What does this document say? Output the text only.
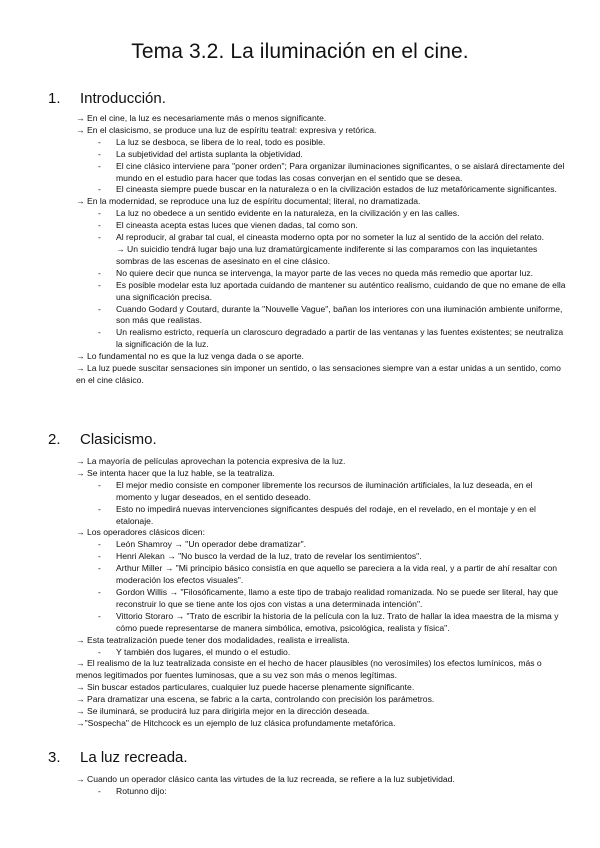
Tema 3.2. La iluminación en el cine.
1. Introducción.

→ En el cine, la luz es necesariamente más o menos significante.

→ En el clasicismo, se produce una luz de espíritu teatral: expresiva y retórica.

- La luz se desboca, se libera de lo real, todo es posible.

- La subjetividad del artista suplanta la objetividad.

- El cine clásico interviene para "poner orden"; Para organizar iluminaciones significantes, o se aislará directamente del mundo en el estudio para hacer que todas las cosas converjan en el sentido que se desea.

- El cineasta siempre puede buscar en la naturaleza o en la civilización estados de luz metafóricamente significantes.

→ En la modernidad, se reproduce una luz de espíritu documental; literal, no dramatizada.

- La luz no obedece a un sentido evidente en la naturaleza, en la civilización y en las calles.

- El cineasta acepta estas luces que vienen dadas, tal como son.

- Al reproducir, al grabar tal cual, el cineasta moderno opta por no someter la luz al sentido de la acción del relato.

→ Un suicidio tendrá lugar bajo una luz dramatúrgicamente indiferente si las comparamos con las inquietantes sombras de las escenas de asesinato en el cine clásico.

- No quiere decir que nunca se intervenga, la mayor parte de las veces no queda más remedio que aportar luz.

- Es posible modelar esta luz aportada cuidando de mantener su auténtico realismo, cuidando de que no emane de ella una significación precisa.

- Cuando Godard y Coutard, durante la "Nouvelle Vague", bañan los interiores con una iluminación ambiente uniforme, son más que realistas.

- Un realismo estricto, requería un claroscuro degradado a partir de las ventanas y las fuentes existentes; se neutraliza la significación de la luz.

→ Lo fundamental no es que la luz venga dada o se aporte.

→ La luz puede suscitar sensaciones sin imponer un sentido, o las sensaciones siempre van a estar unidas a un sentido, como en el cine clásico.

2. Clasicismo.

→ La mayoría de películas aprovechan la potencia expresiva de la luz.

→ Se intenta hacer que la luz hable, se la teatraliza.

- El mejor medio consiste en componer libremente los recursos de iluminación artificiales, la luz deseada, en el momento y lugar deseados, en el sentido deseado.

- Esto no impedirá nuevas intervenciones significantes después del rodaje, en el revelado, en el montaje y en el etalonaje.

→ Los operadores clásicos dicen:

- León Shamroy → "Un operador debe dramatizar".

- Henri Alekan → "No busco la verdad de la luz, trato de revelar los sentimientos".

- Arthur Miller → "Mi principio básico consistía en que aquello se pareciera a la vida real, y a partir de ahí resaltar con moderación los efectos visuales".

- Gordon Willis → "Filosóficamente, llamo a este tipo de trabajo realidad romanizada. No se puede ser literal, hay que reconstruir lo que se tiene ante los ojos con vistas a una determinada intención".

- Vittorio Storaro → "Trato de escribir la historia de la película con la luz. Trato de hallar la idea maestra de la misma y cómo puede representarse de manera simbólica, emotiva, psicológica, realista y física".

→ Esta teatralización puede tener dos modalidades, realista e irrealista.

- Y también dos lugares, el mundo o el estudio.

→ El realismo de la luz teatralizada consiste en el hecho de hacer plausibles (no verosímiles) los efectos lumínicos, más o menos legitimados por fuentes luminosas, que a su vez son más o menos legítimas.

→ Sin buscar estados particulares, cualquier luz puede hacerse plenamente significante.

→ Para dramatizar una escena, se fabric a la carta, controlando con precisión los parámetros.

→ Se iluminará, se producirá luz para dirigirla mejor en la dirección deseada.

→"Sospecha" de Hitchcock es un ejemplo de luz clásica profundamente metafórica.

3. La luz recreada.

→ Cuando un operador clásico canta las virtudes de la luz recreada, se refiere a la luz subjetividad.

- Rotunno dijo:
